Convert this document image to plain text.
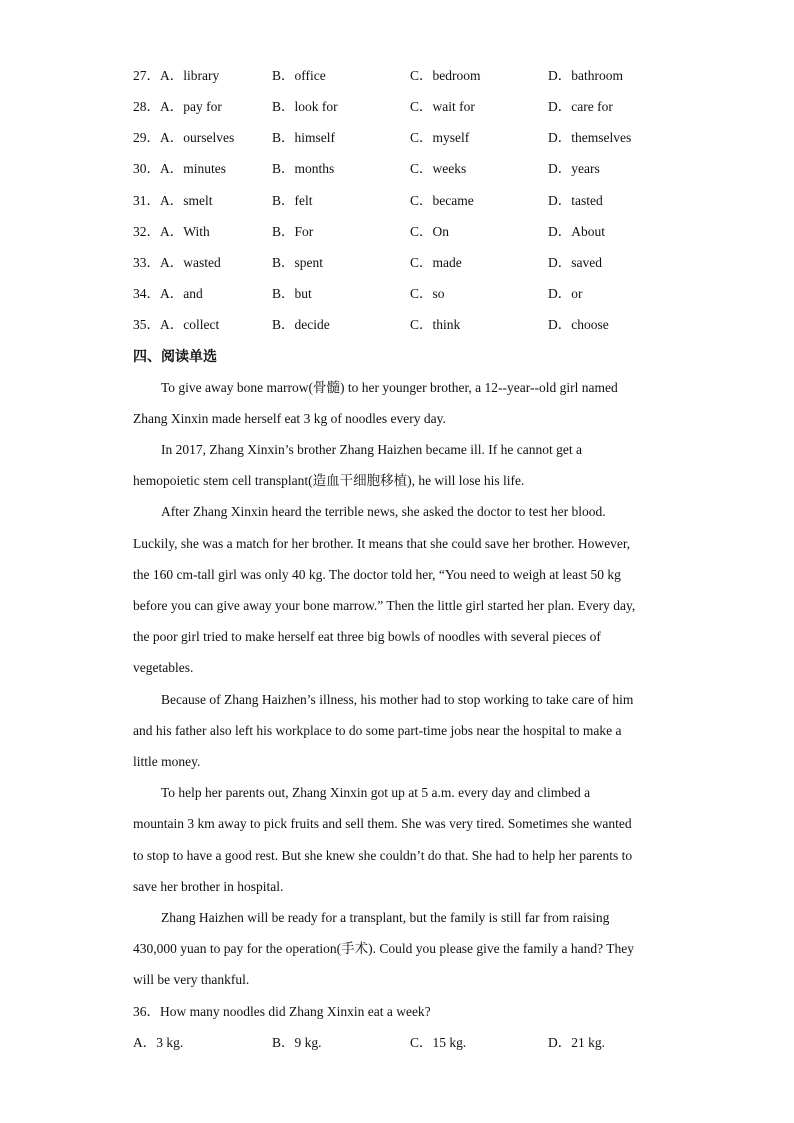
27． A．library	B．office	C．bedroom	D．bathroom
28． A．pay for	B．look for	C．wait for	D．care for
29． A．ourselves	B．himself	C．myself	D．themselves
30． A．minutes	B．months	C．weeks	D．years
31． A．smelt	B．felt	C．became	D．tasted
32． A．With	B．For	C．On	D．About
33． A．wasted	B．spent	C．made	D．saved
34． A．and	B．but	C．so	D．or
35． A．collect	B．decide	C．think	D．choose
四、阅读单选
To give away bone marrow(骨髓) to her younger brother, a 12--year--old girl named
Zhang Xinxin made herself eat 3 kg of noodles every day.
In 2017, Zhang Xinxin’s brother Zhang Haizhen became ill. If he cannot get a
hemopoietic stem cell transplant(造血干细胞移植), he will lose his life.
After Zhang Xinxin heard the terrible news, she asked the doctor to test her blood.
Luckily, she was a match for her brother. It means that she could save her brother. However,
the 160 cm-tall girl was only 40 kg. The doctor told her, “You need to weigh at least 50 kg
before you can give away your bone marrow.” Then the little girl started her plan. Every day,
the poor girl tried to make herself eat three big bowls of noodles with several pieces of
vegetables.
Because of Zhang Haizhen’s illness, his mother had to stop working to take care of him
and his father also left his workplace to do some part-time jobs near the hospital to make a
little money.
To help her parents out, Zhang Xinxin got up at 5 a.m. every day and climbed a
mountain 3 km away to pick fruits and sell them. She was very tired. Sometimes she wanted
to stop to have a good rest. But she knew she couldn’t do that. She had to help her parents to
save her brother in hospital.
Zhang Haizhen will be ready for a transplant, but the family is still far from raising
430,000 yuan to pay for the operation(手术). Could you please give the family a hand? They
will be very thankful.
36．How many noodles did Zhang Xinxin eat a week?
A．3 kg.	B．9 kg.	C．15 kg.	D．21 kg.
